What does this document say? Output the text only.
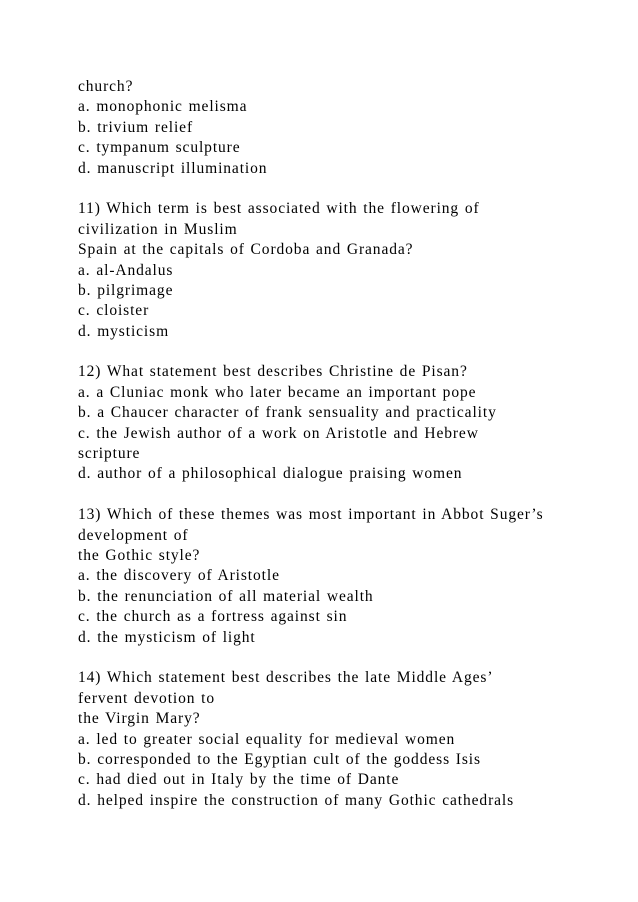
church?
a. monophonic melisma
b. trivium relief
c. tympanum sculpture
d. manuscript illumination
11) Which term is best associated with the flowering of
civilization in Muslim
Spain at the capitals of Cordoba and Granada?
a. al-Andalus
b. pilgrimage
c. cloister
d. mysticism
12) What statement best describes Christine de Pisan?
a. a Cluniac monk who later became an important pope
b. a Chaucer character of frank sensuality and practicality
c. the Jewish author of a work on Aristotle and Hebrew
scripture
d. author of a philosophical dialogue praising women
13) Which of these themes was most important in Abbot Suger’s
development of
the Gothic style?
a. the discovery of Aristotle
b. the renunciation of all material wealth
c. the church as a fortress against sin
d. the mysticism of light
14) Which statement best describes the late Middle Ages’
fervent devotion to
the Virgin Mary?
a. led to greater social equality for medieval women
b. corresponded to the Egyptian cult of the goddess Isis
c. had died out in Italy by the time of Dante
d. helped inspire the construction of many Gothic cathedrals
